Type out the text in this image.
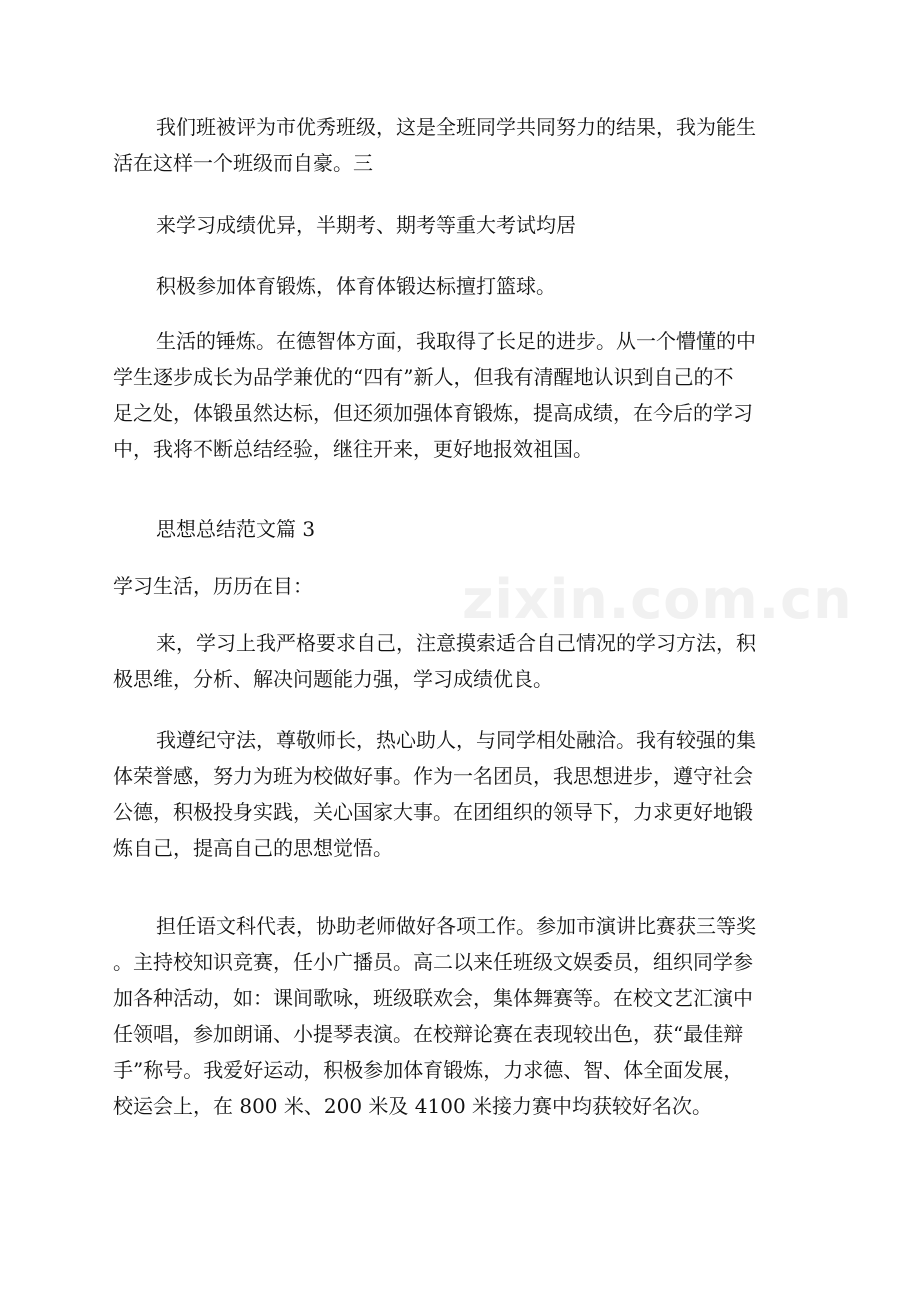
zixin.com.cn

我们班被评为市优秀班级，这是全班同学共同努力的结果，我为能生
活在这样一个班级而自豪。三

来学习成绩优异，半期考、期考等重大考试均居

积极参加体育锻炼，体育体锻达标擅打篮球。

生活的锤炼。在德智体方面，我取得了长足的进步。从一个懵懂的中
学生逐步成长为品学兼优的“四有”新人，但我有清醒地认识到自己的不
足之处，体锻虽然达标，但还须加强体育锻炼，提高成绩，在今后的学习
中，我将不断总结经验，继往开来，更好地报效祖国。

思想总结范文篇 3

学习生活，历历在目：

来，学习上我严格要求自己，注意摸索适合自己情况的学习方法，积
极思维，分析、解决问题能力强，学习成绩优良。

我遵纪守法，尊敬师长，热心助人，与同学相处融洽。我有较强的集
体荣誉感，努力为班为校做好事。作为一名团员，我思想进步，遵守社会
公德，积极投身实践，关心国家大事。在团组织的领导下，力求更好地锻
炼自己，提高自己的思想觉悟。

担任语文科代表，协助老师做好各项工作。参加市演讲比赛获三等奖
。主持校知识竞赛，任小广播员。高二以来任班级文娱委员，组织同学参
加各种活动，如：课间歌咏，班级联欢会，集体舞赛等。在校文艺汇演中
任领唱，参加朗诵、小提琴表演。在校辩论赛在表现较出色，获“最佳辩
手”称号。我爱好运动，积极参加体育锻炼，力求德、智、体全面发展，
校运会上，在 800 米、200 米及 4100 米接力赛中均获较好名次。
